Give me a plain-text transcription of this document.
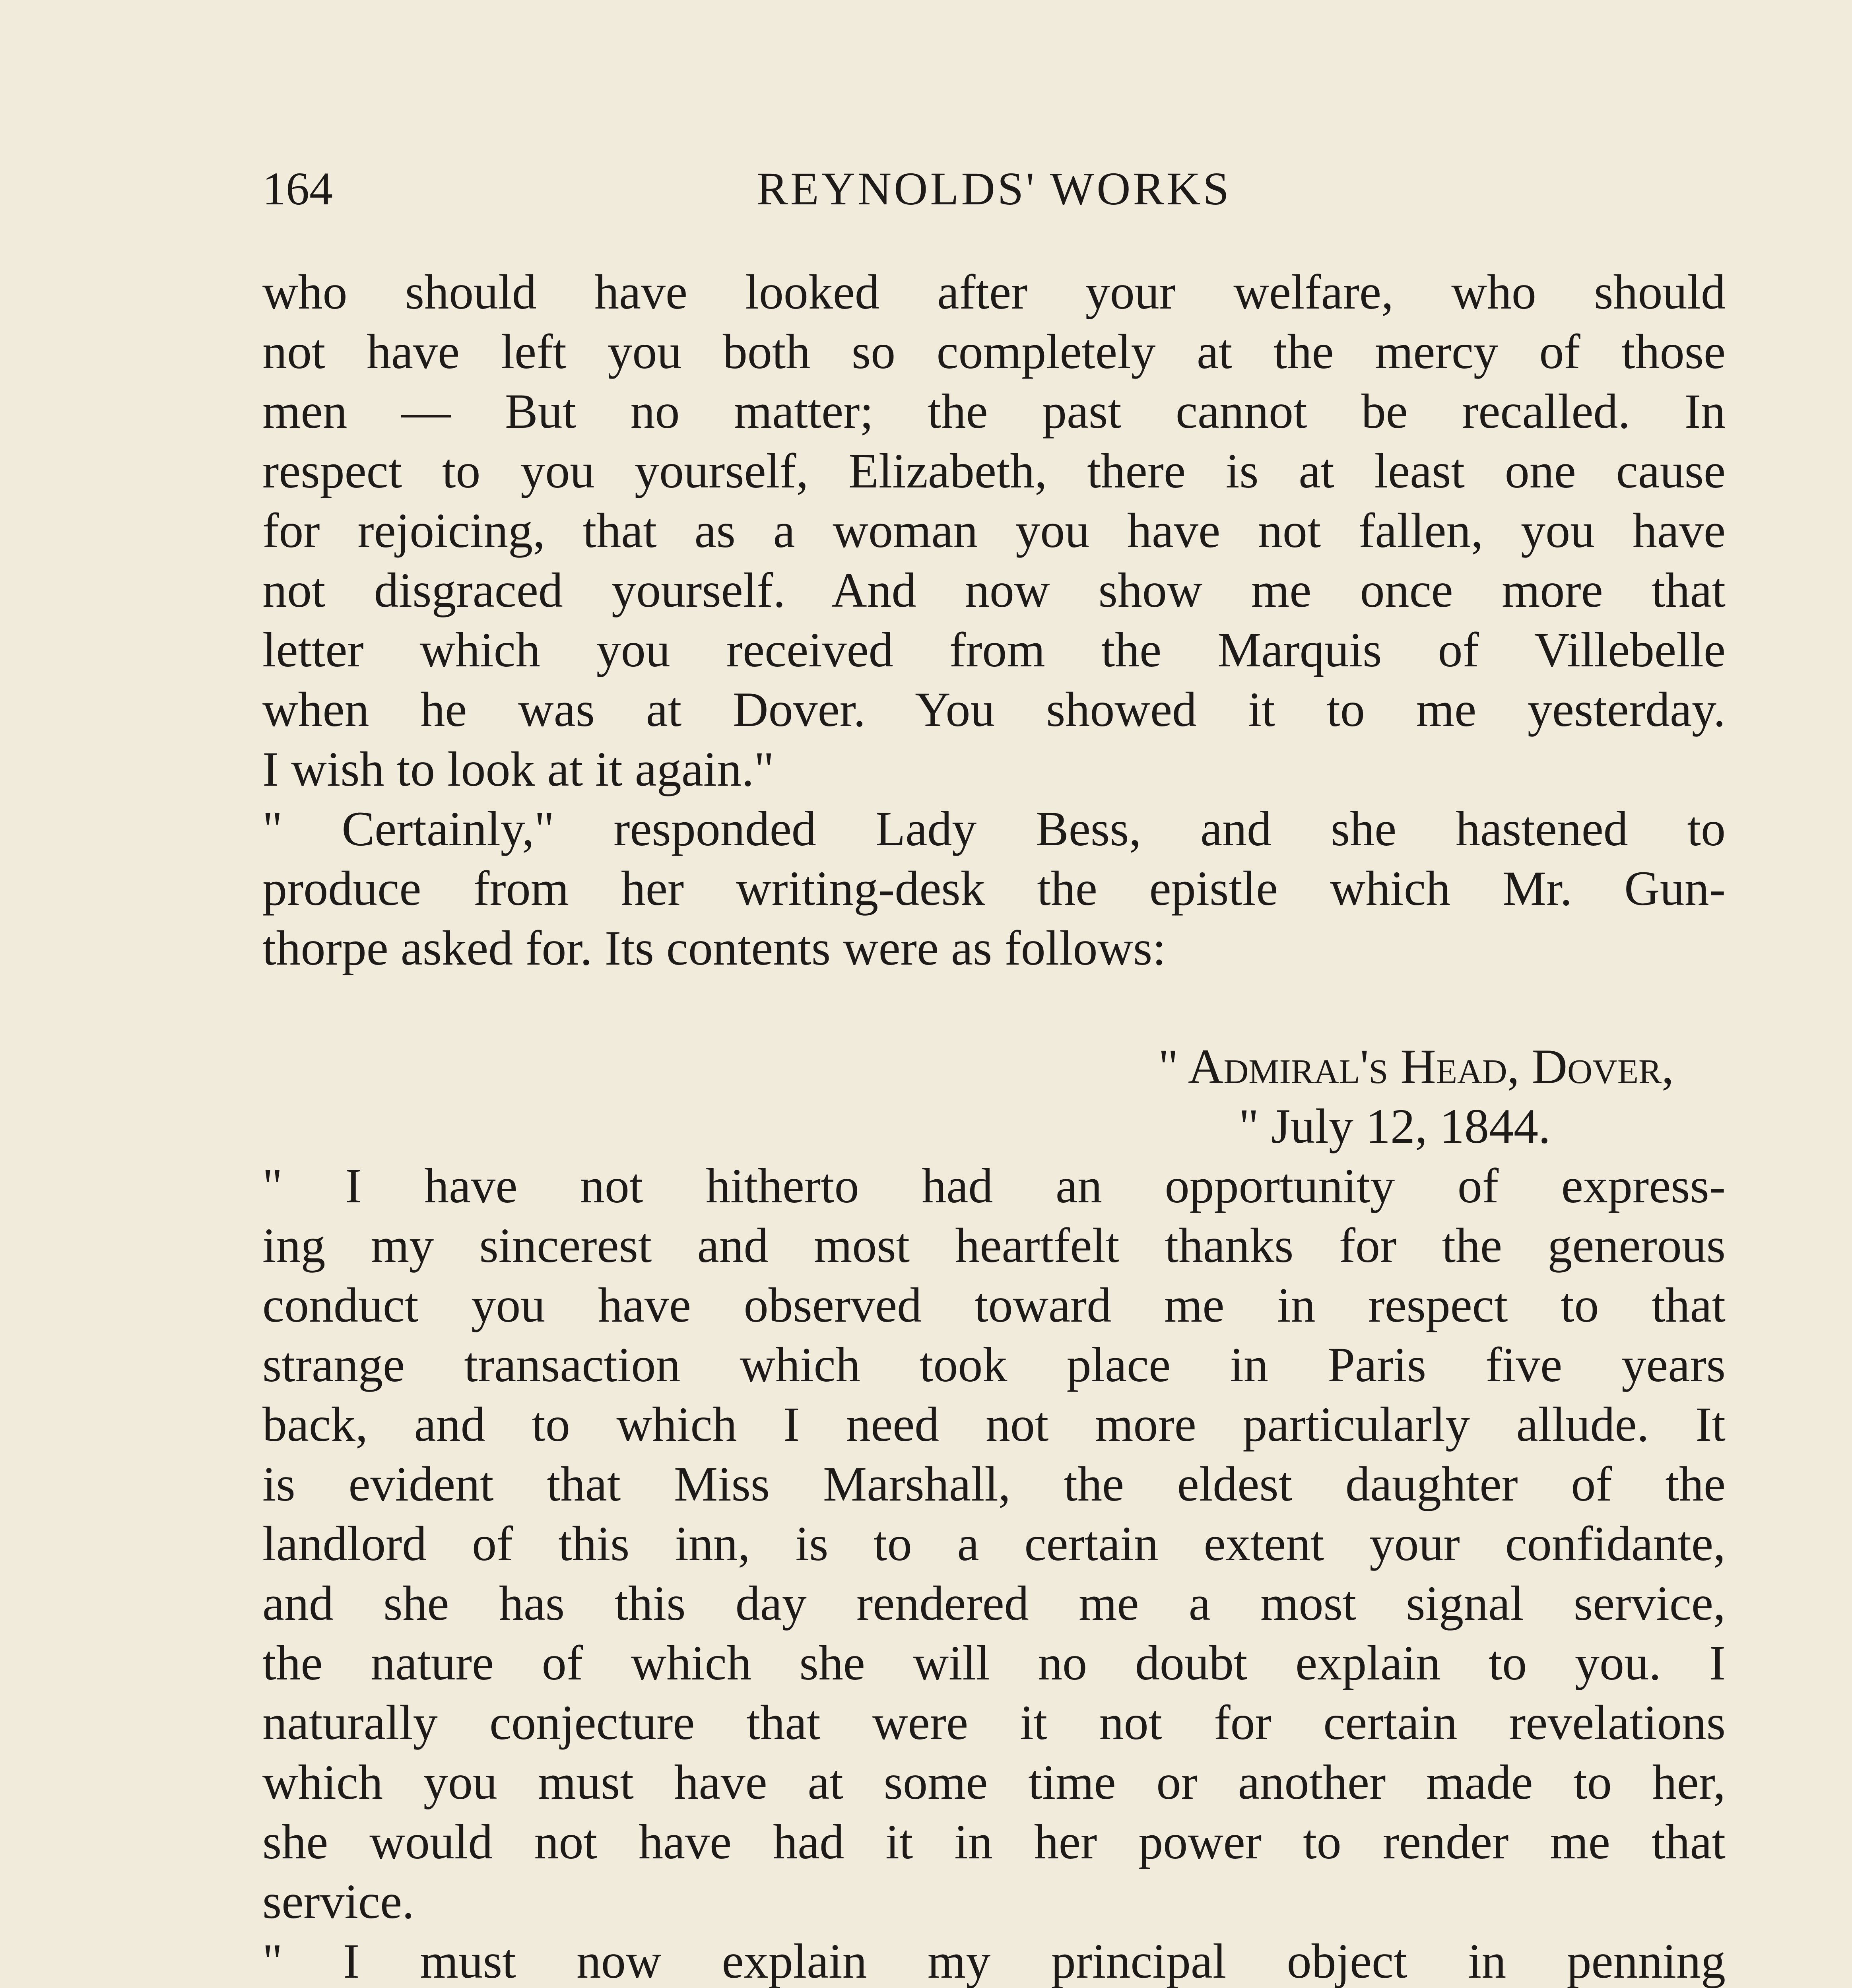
164	REYNOLDS' WORKS
who should have looked after your welfare, who should
not have left you both so completely at the mercy of those
men — But no matter; the past cannot be recalled. In
respect to you yourself, Elizabeth, there is at least one cause
for rejoicing, that as a woman you have not fallen, you have
not disgraced yourself. And now show me once more that
letter which you received from the Marquis of Villebelle
when he was at Dover. You showed it to me yesterday.
I wish to look at it again."
" Certainly," responded Lady Bess, and she hastened to
produce from her writing-desk the epistle which Mr. Gun-
thorpe asked for. Its contents were as follows:
" Admiral's Head, Dover,
" July 12, 1844.
" I have not hitherto had an opportunity of express-
ing my sincerest and most heartfelt thanks for the generous
conduct you have observed toward me in respect to that
strange transaction which took place in Paris five years
back, and to which I need not more particularly allude. It
is evident that Miss Marshall, the eldest daughter of the
landlord of this inn, is to a certain extent your confidante,
and she has this day rendered me a most signal service,
the nature of which she will no doubt explain to you. I
naturally conjecture that were it not for certain revelations
which you must have at some time or another made to her,
she would not have had it in her power to render me that
service.
" I must now explain my principal object in penning
